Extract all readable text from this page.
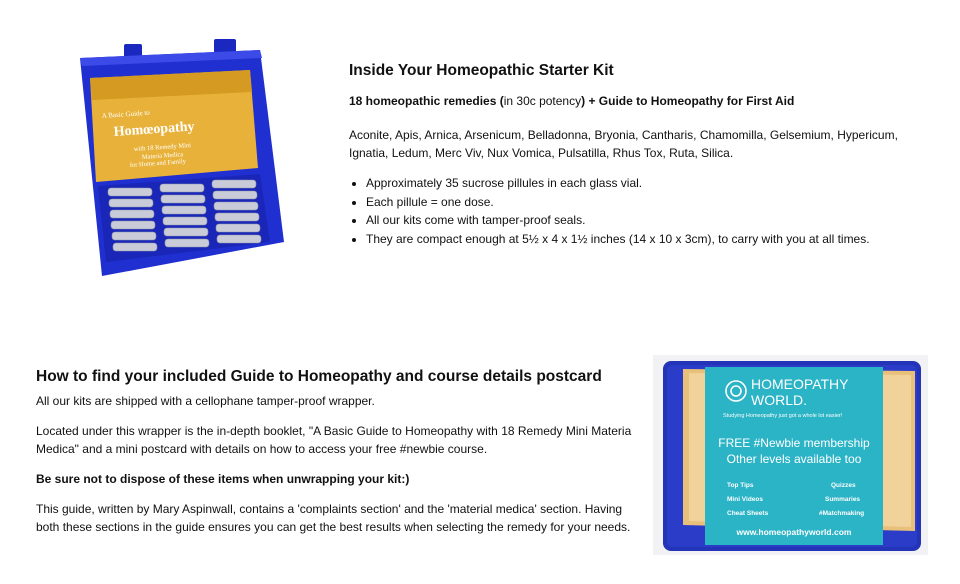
A Basic Guide to
Homœopathy
with 18 Remedy Mini
Materia Medica
for Home and Family
Inside Your Homeopathic Starter Kit
18 homeopathic remedies (in 30c potency) + Guide to Homeopathy for First Aid

Aconite, Apis, Arnica, Arsenicum, Belladonna, Bryonia, Cantharis, Chamomilla, Gelsemium, Hypericum, Ignatia, Ledum, Merc Viv, Nux Vomica, Pulsatilla, Rhus Tox, Ruta, Silica.

• Approximately 35 sucrose pillules in each glass vial.
• Each pillule = one dose.
• All our kits come with tamper-proof seals.
• They are compact enough at 5½ x 4 x 1½ inches (14 x 10 x 3cm), to carry with you at all times.
How to find your included Guide to Homeopathy and course details postcard

All our kits are shipped with a cellophane tamper-proof wrapper.

Located under this wrapper is the in-depth booklet, "A Basic Guide to Homeopathy with 18 Remedy Mini Materia Medica" and a mini postcard with details on how to access your free #newbie course.

Be sure not to dispose of these items when unwrapping your kit:)

This guide, written by Mary Aspinwall, contains a 'complaints section' and the 'material medica' section. Having both these sections in the guide ensures you can get the best results when selecting the remedy for your needs.

HOMEOPATHY
WORLD.
Studying Homeopathy just got a whole lot easier!
FREE #Newbie membership
Other levels available too
Top Tips	Quizzes
Mini Videos	Summaries
Cheat Sheets	#Matchmaking
www.homeopathyworld.com
